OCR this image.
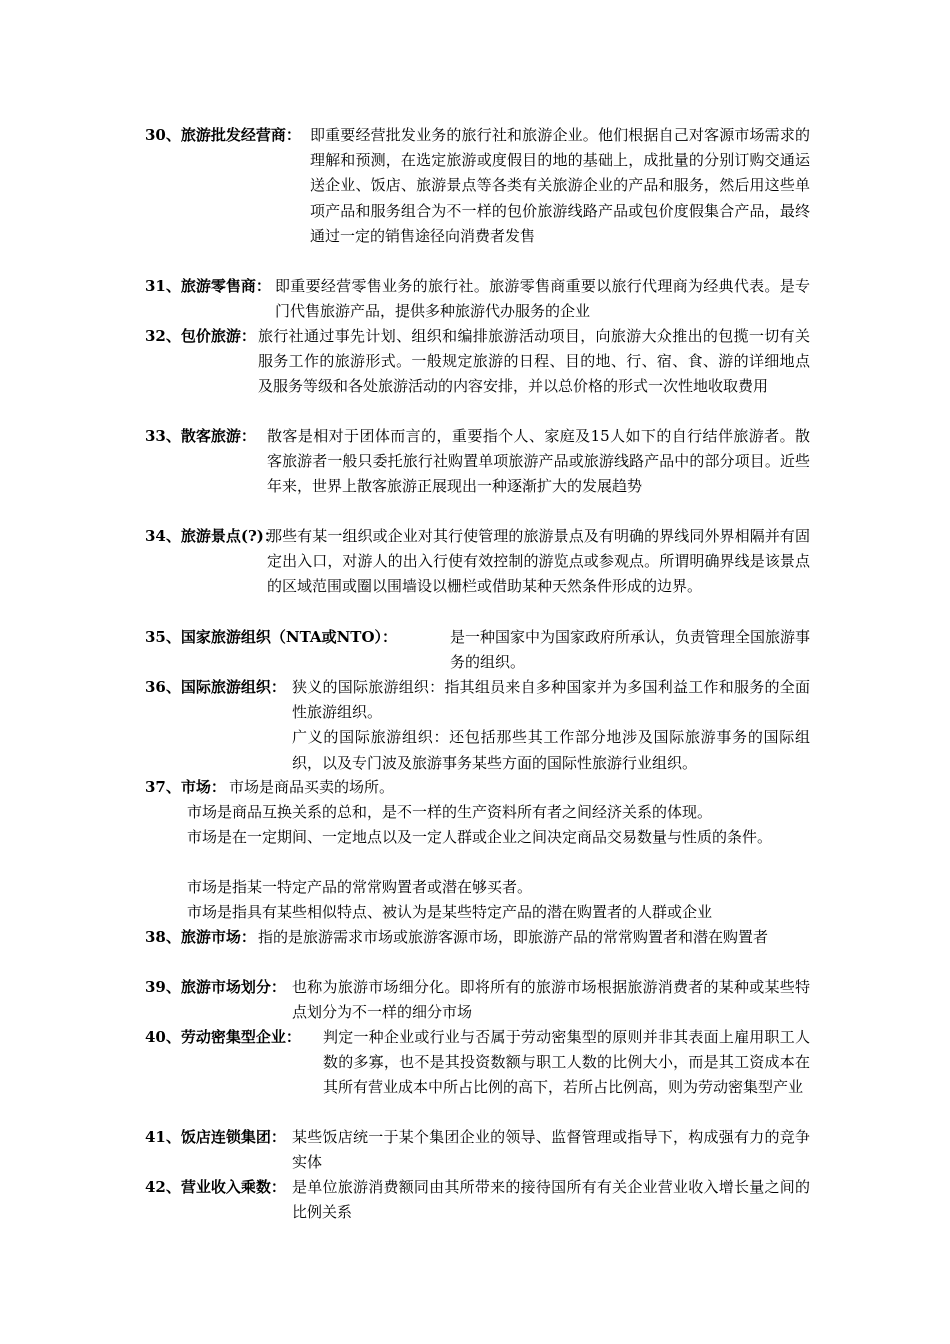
30、旅游批发经营商： 即重要经营批发业务的旅行社和旅游企业。他们根据自己对客源市场需求的理解和预测，在选定旅游或度假目的地的基础上，成批量的分别订购交通运送企业、饭店、旅游景点等各类有关旅游企业的产品和服务，然后用这些单项产品和服务组合为不一样的包价旅游线路产品或包价度假集合产品，最终通过一定的销售途径向消费者发售
31、旅游零售商： 即重要经营零售业务的旅行社。旅游零售商重要以旅行代理商为经典代表。是专门代售旅游产品，提供多种旅游代办服务的企业
32、包价旅游： 旅行社通过事先计划、组织和编排旅游活动项目，向旅游大众推出的包揽一切有关服务工作的旅游形式。一般规定旅游的日程、目的地、行、宿、食、游的详细地点及服务等级和各处旅游活动的内容安排，并以总价格的形式一次性地收取费用
33、散客旅游： 散客是相对于团体而言的，重要指个人、家庭及15人如下的自行结伴旅游者。散客旅游者一般只委托旅行社购置单项旅游产品或旅游线路产品中的部分项目。近些年来，世界上散客旅游正展现出一种逐渐扩大的发展趋势
34、旅游景点(?)：
那些有某一组织或企业对其行使管理的旅游景点及有明确的界线同外界相隔并有固定出入口，对游人的出入行使有效控制的游览点或参观点。所谓明确界线是该景点的区域范围或圈以围墙设以栅栏或借助某种天然条件形成的边界。
35、国家旅游组织（NTA或NTO）：	是一种国家中为国家政府所承认，负责管理全国旅游事务的组织。
36、国际旅游组织： 狭义的国际旅游组织：指其组员来自多种国家并为多国利益工作和服务的全面性旅游组织。
广义的国际旅游组织：还包括那些其工作部分地涉及国际旅游事务的国际组织，以及专门波及旅游事务某些方面的国际性旅游行业组织。
37、市场： 市场是商品买卖的场所。
市场是商品互换关系的总和，是不一样的生产资料所有者之间经济关系的体现。
市场是在一定期间、一定地点以及一定人群或企业之间决定商品交易数量与性质的条件。
市场是指某一特定产品的常常购置者或潜在够买者。
市场是指具有某些相似特点、被认为是某些特定产品的潜在购置者的人群或企业
38、旅游市场： 指的是旅游需求市场或旅游客源市场，即旅游产品的常常购置者和潜在购置者
39、旅游市场划分： 也称为旅游市场细分化。即将所有的旅游市场根据旅游消费者的某种或某些特点划分为不一样的细分市场
40、劳动密集型企业： 判定一种企业或行业与否属于劳动密集型的原则并非其表面上雇用职工人数的多寡，也不是其投资数额与职工人数的比例大小，而是其工资成本在其所有营业成本中所占比例的高下，若所占比例高，则为劳动密集型产业
41、饭店连锁集团： 某些饭店统一于某个集团企业的领导、监督管理或指导下，构成强有力的竞争实体
42、营业收入乘数： 是单位旅游消费额同由其所带来的接待国所有有关企业营业收入增长量之间的比例关系
